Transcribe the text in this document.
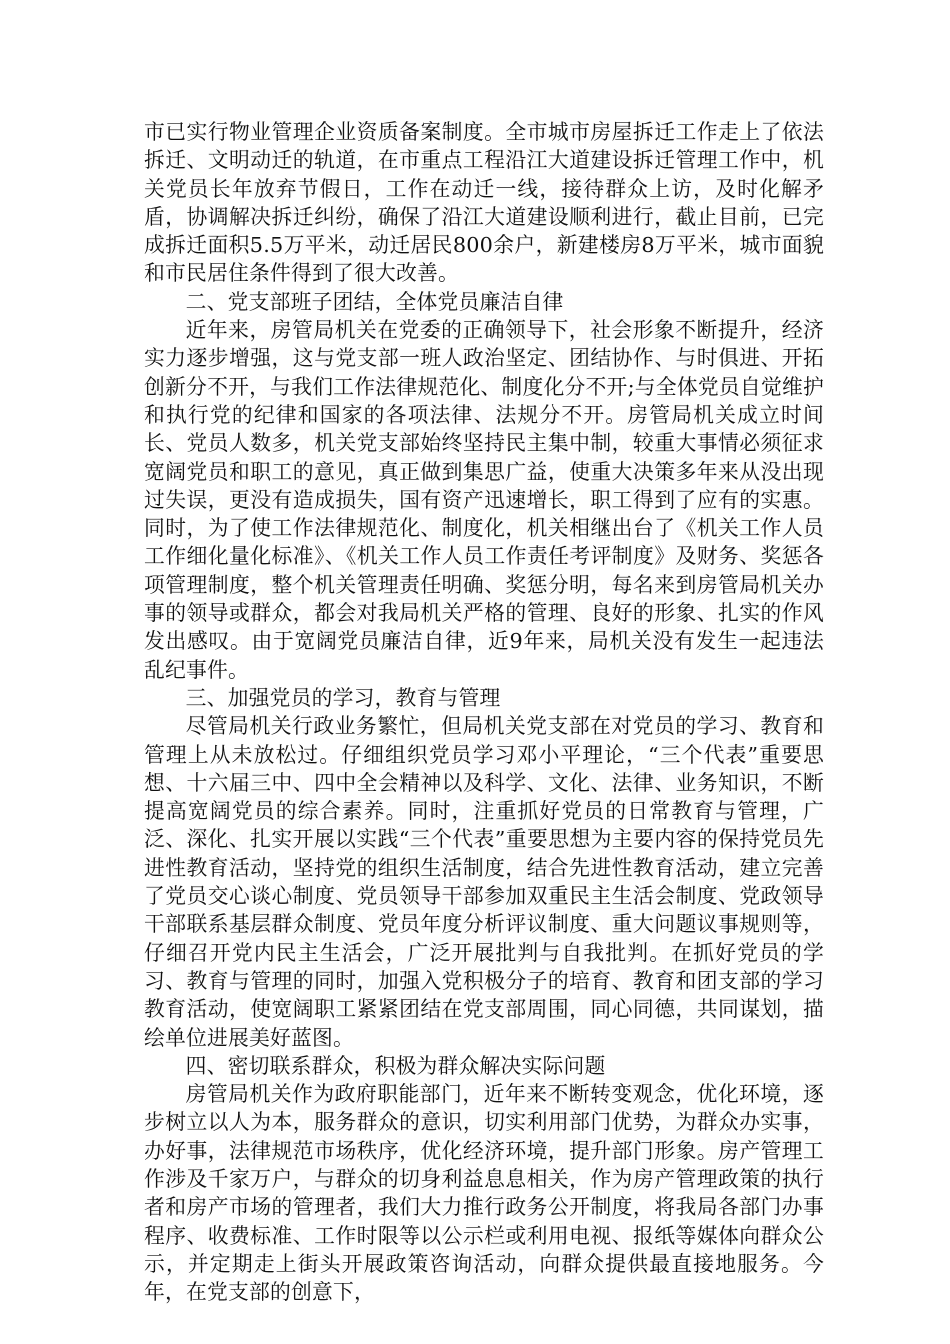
市已实行物业管理企业资质备案制度。全市城市房屋拆迁工作走上了依法拆迁、文明动迁的轨道，在市重点工程沿江大道建设拆迁管理工作中，机关党员长年放弃节假日，工作在动迁一线，接待群众上访，及时化解矛盾，协调解决拆迁纠纷，确保了沿江大道建设顺利进行，截止目前，已完成拆迁面积5.5万平米，动迁居民800余户，新建楼房8万平米，城市面貌和市民居住条件得到了很大改善。

二、党支部班子团结，全体党员廉洁自律

近年来，房管局机关在党委的正确领导下，社会形象不断提升，经济实力逐步增强，这与党支部一班人政治坚定、团结协作、与时俱进、开拓创新分不开，与我们工作法律规范化、制度化分不开;与全体党员自觉维护和执行党的纪律和国家的各项法律、法规分不开。房管局机关成立时间长、党员人数多，机关党支部始终坚持民主集中制，较重大事情必须征求宽阔党员和职工的意见，真正做到集思广益，使重大决策多年来从没出现过失误，更没有造成损失，国有资产迅速增长，职工得到了应有的实惠。同时，为了使工作法律规范化、制度化，机关相继出台了《机关工作人员工作细化量化标准》、《机关工作人员工作责任考评制度》及财务、奖惩各项管理制度，整个机关管理责任明确、奖惩分明，每名来到房管局机关办事的领导或群众，都会对我局机关严格的管理、良好的形象、扎实的作风发出感叹。由于宽阔党员廉洁自律，近9年来，局机关没有发生一起违法乱纪事件。

三、加强党员的学习，教育与管理

尽管局机关行政业务繁忙，但局机关党支部在对党员的学习、教育和管理上从未放松过。仔细组织党员学习邓小平理论，“三个代表”重要思想、十六届三中、四中全会精神以及科学、文化、法律、业务知识，不断提高宽阔党员的综合素养。同时，注重抓好党员的日常教育与管理，广泛、深化、扎实开展以实践“三个代表”重要思想为主要内容的保持党员先进性教育活动，坚持党的组织生活制度，结合先进性教育活动，建立完善了党员交心谈心制度、党员领导干部参加双重民主生活会制度、党政领导干部联系基层群众制度、党员年度分析评议制度、重大问题议事规则等，仔细召开党内民主生活会，广泛开展批判与自我批判。在抓好党员的学习、教育与管理的同时，加强入党积极分子的培育、教育和团支部的学习教育活动，使宽阔职工紧紧团结在党支部周围，同心同德，共同谋划，描绘单位进展美好蓝图。

四、密切联系群众，积极为群众解决实际问题

房管局机关作为政府职能部门，近年来不断转变观念，优化环境，逐步树立以人为本，服务群众的意识，切实利用部门优势，为群众办实事，办好事，法律规范市场秩序，优化经济环境，提升部门形象。房产管理工作涉及千家万户，与群众的切身利益息息相关，作为房产管理政策的执行者和房产市场的管理者，我们大力推行政务公开制度，将我局各部门办事程序、收费标准、工作时限等以公示栏或利用电视、报纸等媒体向群众公示，并定期走上街头开展政策咨询活动，向群众提供最直接地服务。今年，在党支部的创意下，
